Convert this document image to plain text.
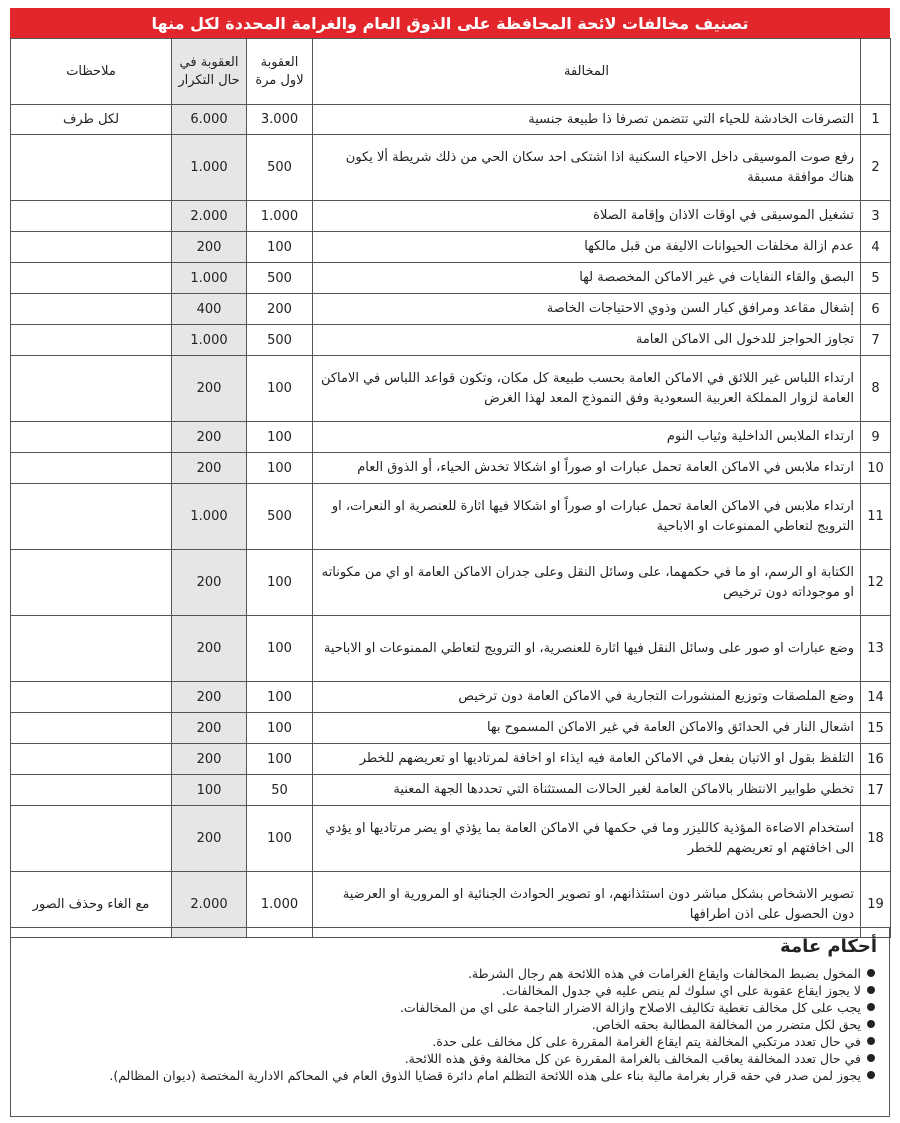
تصنيف مخالفات لائحة المحافظة على الذوق العام والغرامة المحددة لكل منها
	المخالفة	العقوبة لاول مرة	العقوبة في حال التكرار	ملاحظات
1	التصرفات الخادشة للحياء التي تتضمن تصرفا ذا طبيعة جنسية	3.000	6.000	لكل طرف
2	رفع صوت الموسيقى داخل الاحياء السكنية اذا اشتكى احد سكان الحي من ذلك شريطة ألا يكون هناك موافقة مسبقة	500	1.000	
3	تشغيل الموسيقى في اوقات الاذان وإقامة الصلاة	1.000	2.000	
4	عدم ازالة مخلفات الحيوانات الاليفة من قبل مالكها	100	200	
5	البصق والقاء النفايات في غير الاماكن المخصصة لها	500	1.000	
6	إشغال مقاعد ومرافق كبار السن وذوي الاحتياجات الخاصة	200	400	
7	تجاوز الحواجز للدخول الى الاماكن العامة	500	1.000	
8	ارتداء اللباس غير اللائق في الاماكن العامة بحسب طبيعة كل مكان، وتكون قواعد اللباس في الاماكن العامة لزوار المملكة العربية السعودية وفق النموذج المعد لهذا الغرض	100	200	
9	ارتداء الملابس الداخلية وثياب النوم	100	200	
10	ارتداء ملابس في الاماكن العامة تحمل عبارات او صوراً او اشكالا تخدش الحياء، أو الذوق العام	100	200	
11	ارتداء ملابس في الاماكن العامة تحمل عبارات او صوراً او اشكالا فيها اثارة للعنصرية او النعرات، او الترويج لتعاطي الممنوعات او الاباحية	500	1.000	
12	الكتابة او الرسم، او ما في حكمهما، على وسائل النقل وعلى جدران الاماكن العامة او اي من مكوناته او موجوداته دون ترخيص	100	200	
13	وضع عبارات او صور على وسائل النقل فيها اثارة للعنصرية، او الترويج لتعاطي الممنوعات او الاباحية	100	200	
14	وضع الملصقات وتوزيع المنشورات التجارية في الاماكن العامة دون ترخيص	100	200	
15	اشعال النار في الحدائق والاماكن العامة في غير الاماكن المسموح بها	100	200	
16	التلفظ بقول او الاتيان بفعل في الاماكن العامة فيه ايذاء او اخافة لمرتاديها او تعريضهم للخطر	100	200	
17	تخطي طوابير الانتظار بالاماكن العامة لغير الحالات المستثناة التي تحددها الجهة المعنية	50	100	
18	استخدام الاضاءة المؤذية كالليزر وما في حكمها في الاماكن العامة بما يؤذي او يضر مرتاديها او يؤدي الى اخافتهم او تعريضهم للخطر	100	200	
19	تصوير الاشخاص بشكل مباشر دون استئذانهم، او تصوير الحوادث الجنائية او المرورية او العرضية دون الحصول على اذن اطرافها	1.000	2.000	مع الغاء وحذف الصور
أحكام عامة
المخول بضبط المخالفات وايقاع الغرامات في هذه اللائحة هم رجال الشرطة.
لا يجوز ايقاع عقوبة على اي سلوك لم ينص عليه في جدول المخالفات.
يجب على كل مخالف تغطية تكاليف الاصلاح وازالة الاضرار الناجمة على اي من المخالفات.
يحق لكل متضرر من المخالفة المطالبة بحقه الخاص.
في حال تعدد مرتكبي المخالفة يتم ايقاع الغرامة المقررة على كل مخالف على حدة.
في حال تعدد المخالفة يعاقب المخالف بالغرامة المقررة عن كل مخالفة وفق هذه اللائحة.
يجوز لمن صدر في حقه قرار بغرامة مالية بناء على هذه اللائحة التظلم امام دائرة قضايا الذوق العام في المحاكم الادارية المختصة (ديوان المظالم).
